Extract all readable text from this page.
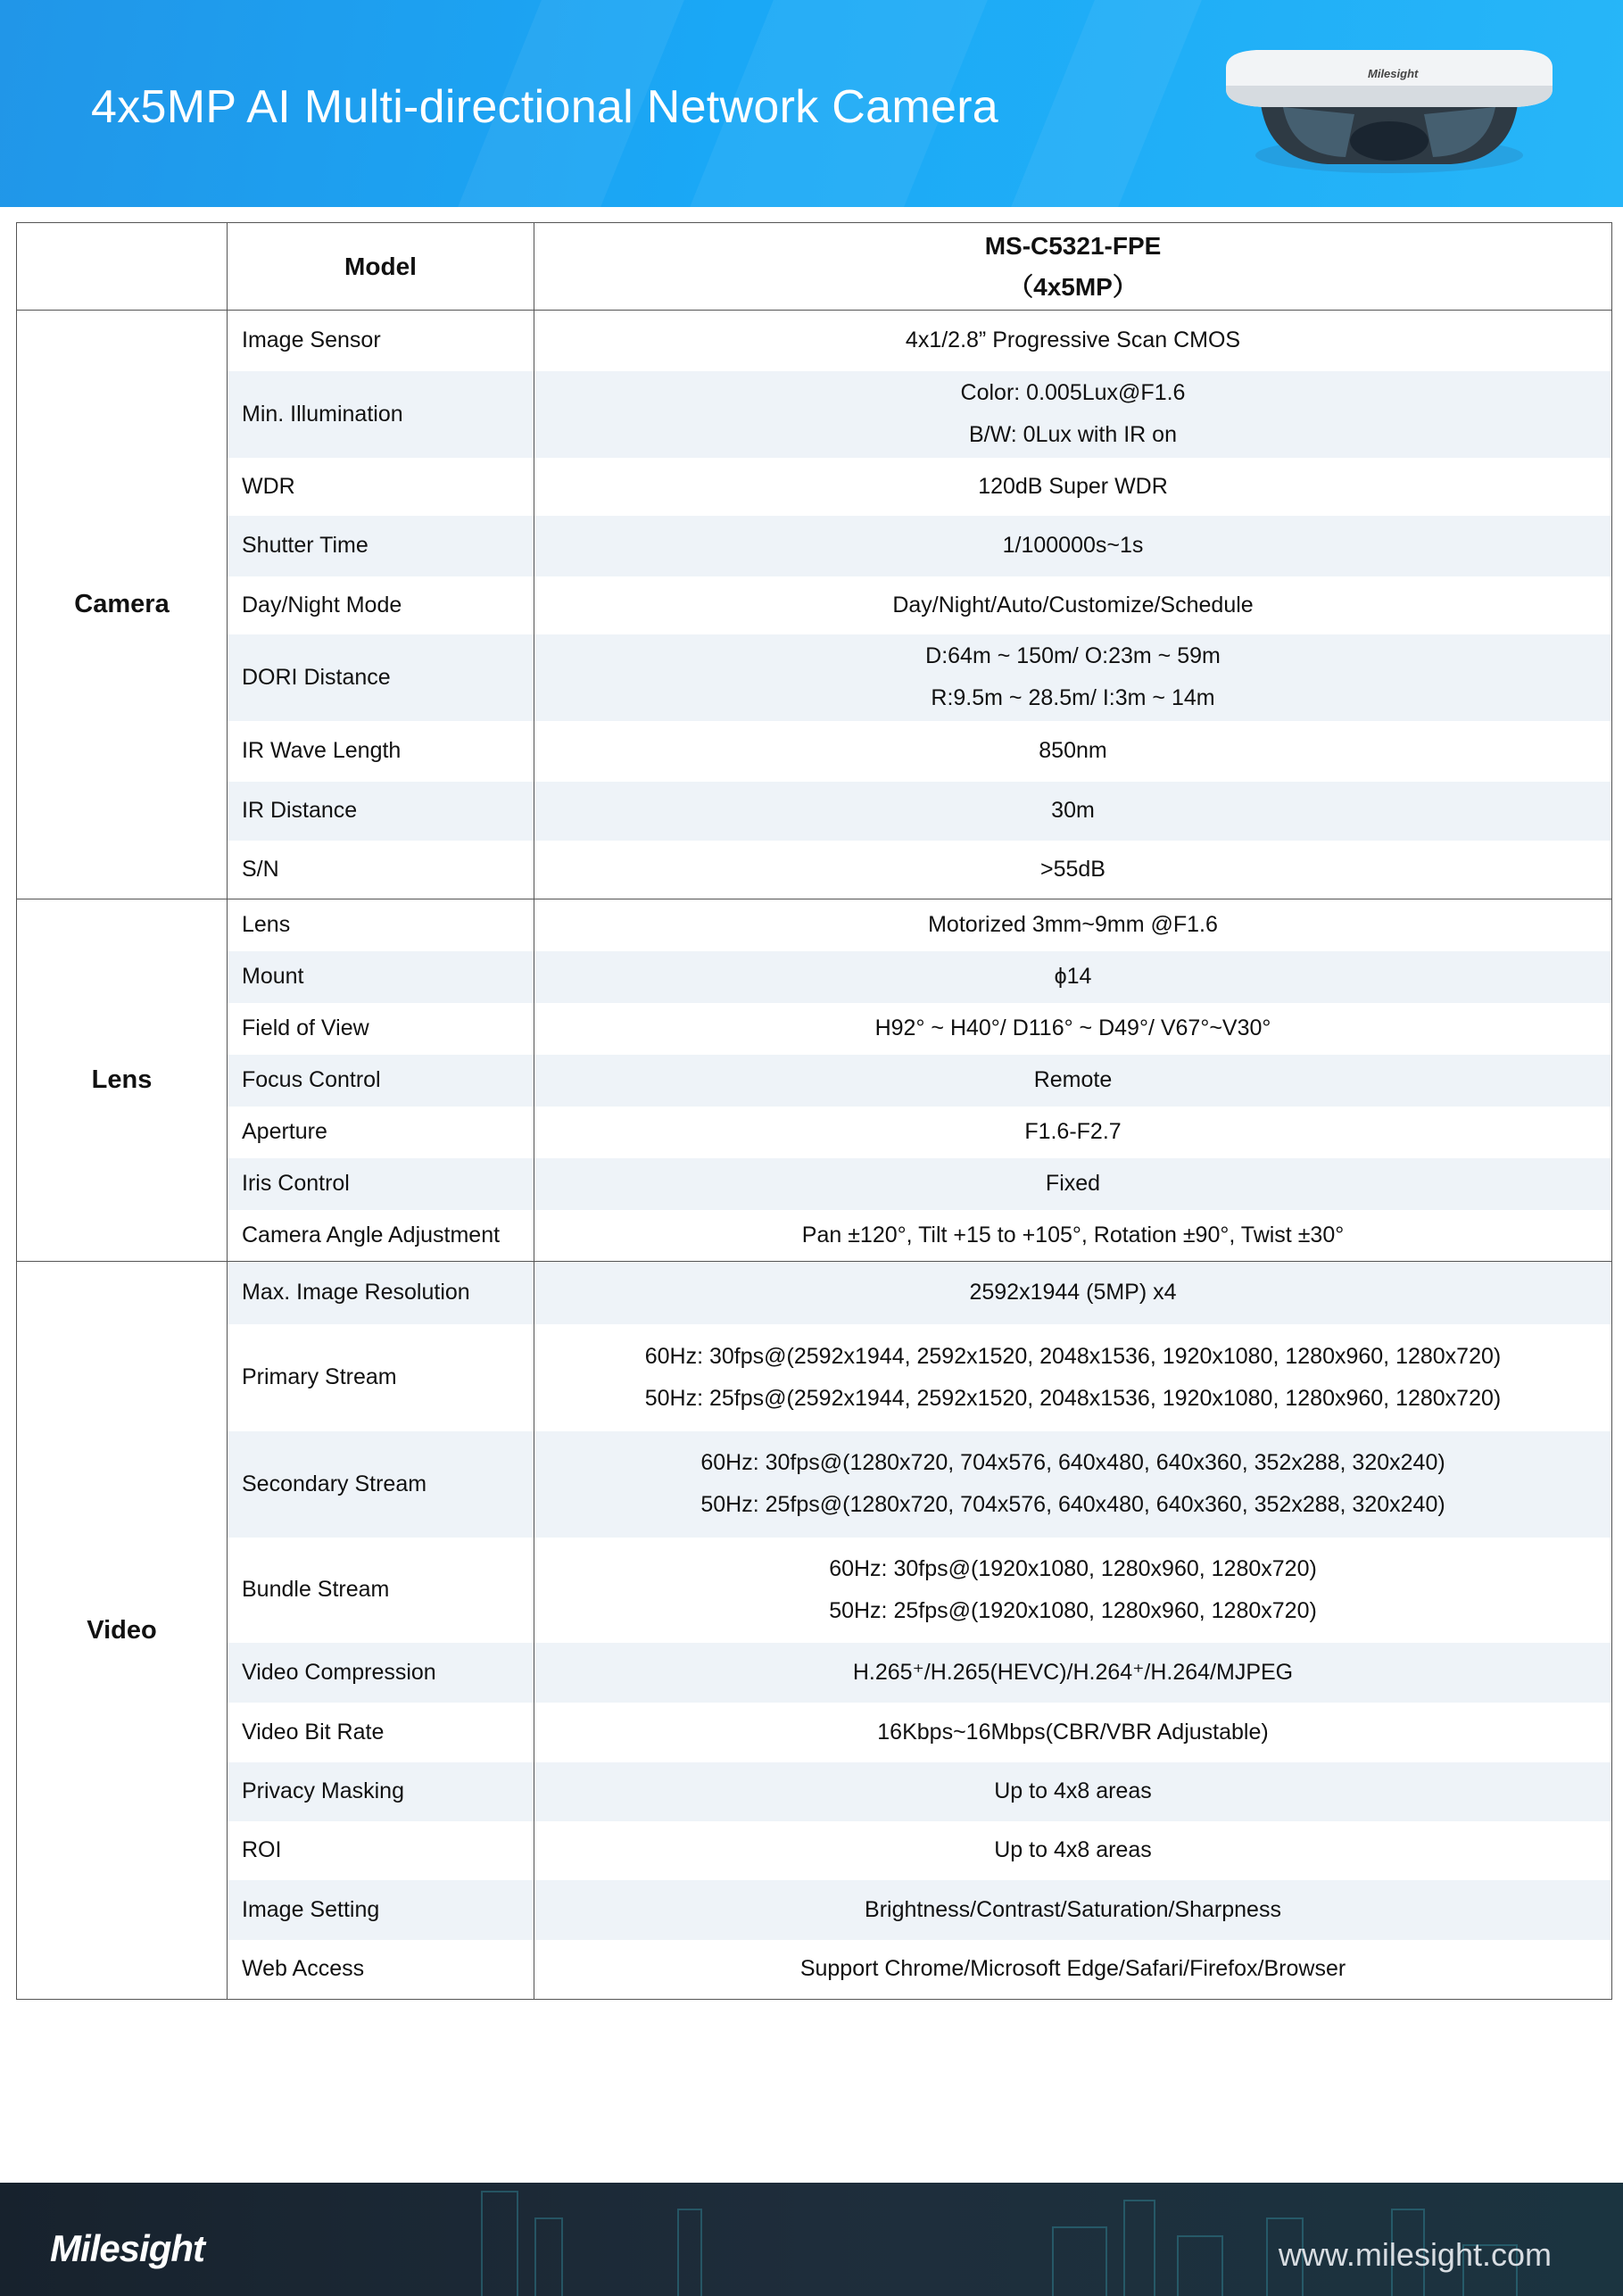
4x5MP AI Multi-directional Network Camera
Milesight
	Model	MS-C5321-FPE
（4x5MP）

Camera	Image Sensor	4x1/2.8” Progressive Scan CMOS

	Min. Illumination	Color: 0.005Lux@F1.6
B/W: 0Lux with IR on

	WDR	120dB Super WDR

	Shutter Time	1/100000s~1s

	Day/Night Mode	Day/Night/Auto/Customize/Schedule

	DORI Distance	D:64m ~ 150m/ O:23m ~ 59m
R:9.5m ~ 28.5m/ I:3m ~ 14m

	IR Wave Length	850nm

	IR Distance	30m

	S/N	>55dB

Lens	Lens	Motorized 3mm~9mm @F1.6

	Mount	ϕ14

	Field of View	H92° ~ H40°/ D116° ~ D49°/ V67°~V30°

	Focus Control	Remote

	Aperture	F1.6-F2.7

	Iris Control	Fixed

	Camera Angle Adjustment	Pan ±120°, Tilt +15 to +105°, Rotation ±90°, Twist ±30°

Video	Max. Image Resolution	2592x1944 (5MP) x4

	Primary Stream	60Hz: 30fps@(2592x1944, 2592x1520, 2048x1536, 1920x1080, 1280x960, 1280x720)
50Hz: 25fps@(2592x1944, 2592x1520, 2048x1536, 1920x1080, 1280x960, 1280x720)

	Secondary Stream	60Hz: 30fps@(1280x720, 704x576, 640x480, 640x360, 352x288, 320x240)
50Hz: 25fps@(1280x720, 704x576, 640x480, 640x360, 352x288, 320x240)

	Bundle Stream	60Hz: 30fps@(1920x1080, 1280x960, 1280x720)
50Hz: 25fps@(1920x1080, 1280x960, 1280x720)

	Video Compression	H.265⁺/H.265(HEVC)/H.264⁺/H.264/MJPEG

	Video Bit Rate	16Kbps~16Mbps(CBR/VBR Adjustable)

	Privacy Masking	Up to 4x8 areas

	ROI	Up to 4x8 areas

	Image Setting	Brightness/Contrast/Saturation/Sharpness

	Web Access	Support Chrome/Microsoft Edge/Safari/Firefox/Browser
Milesight	www.milesight.com
